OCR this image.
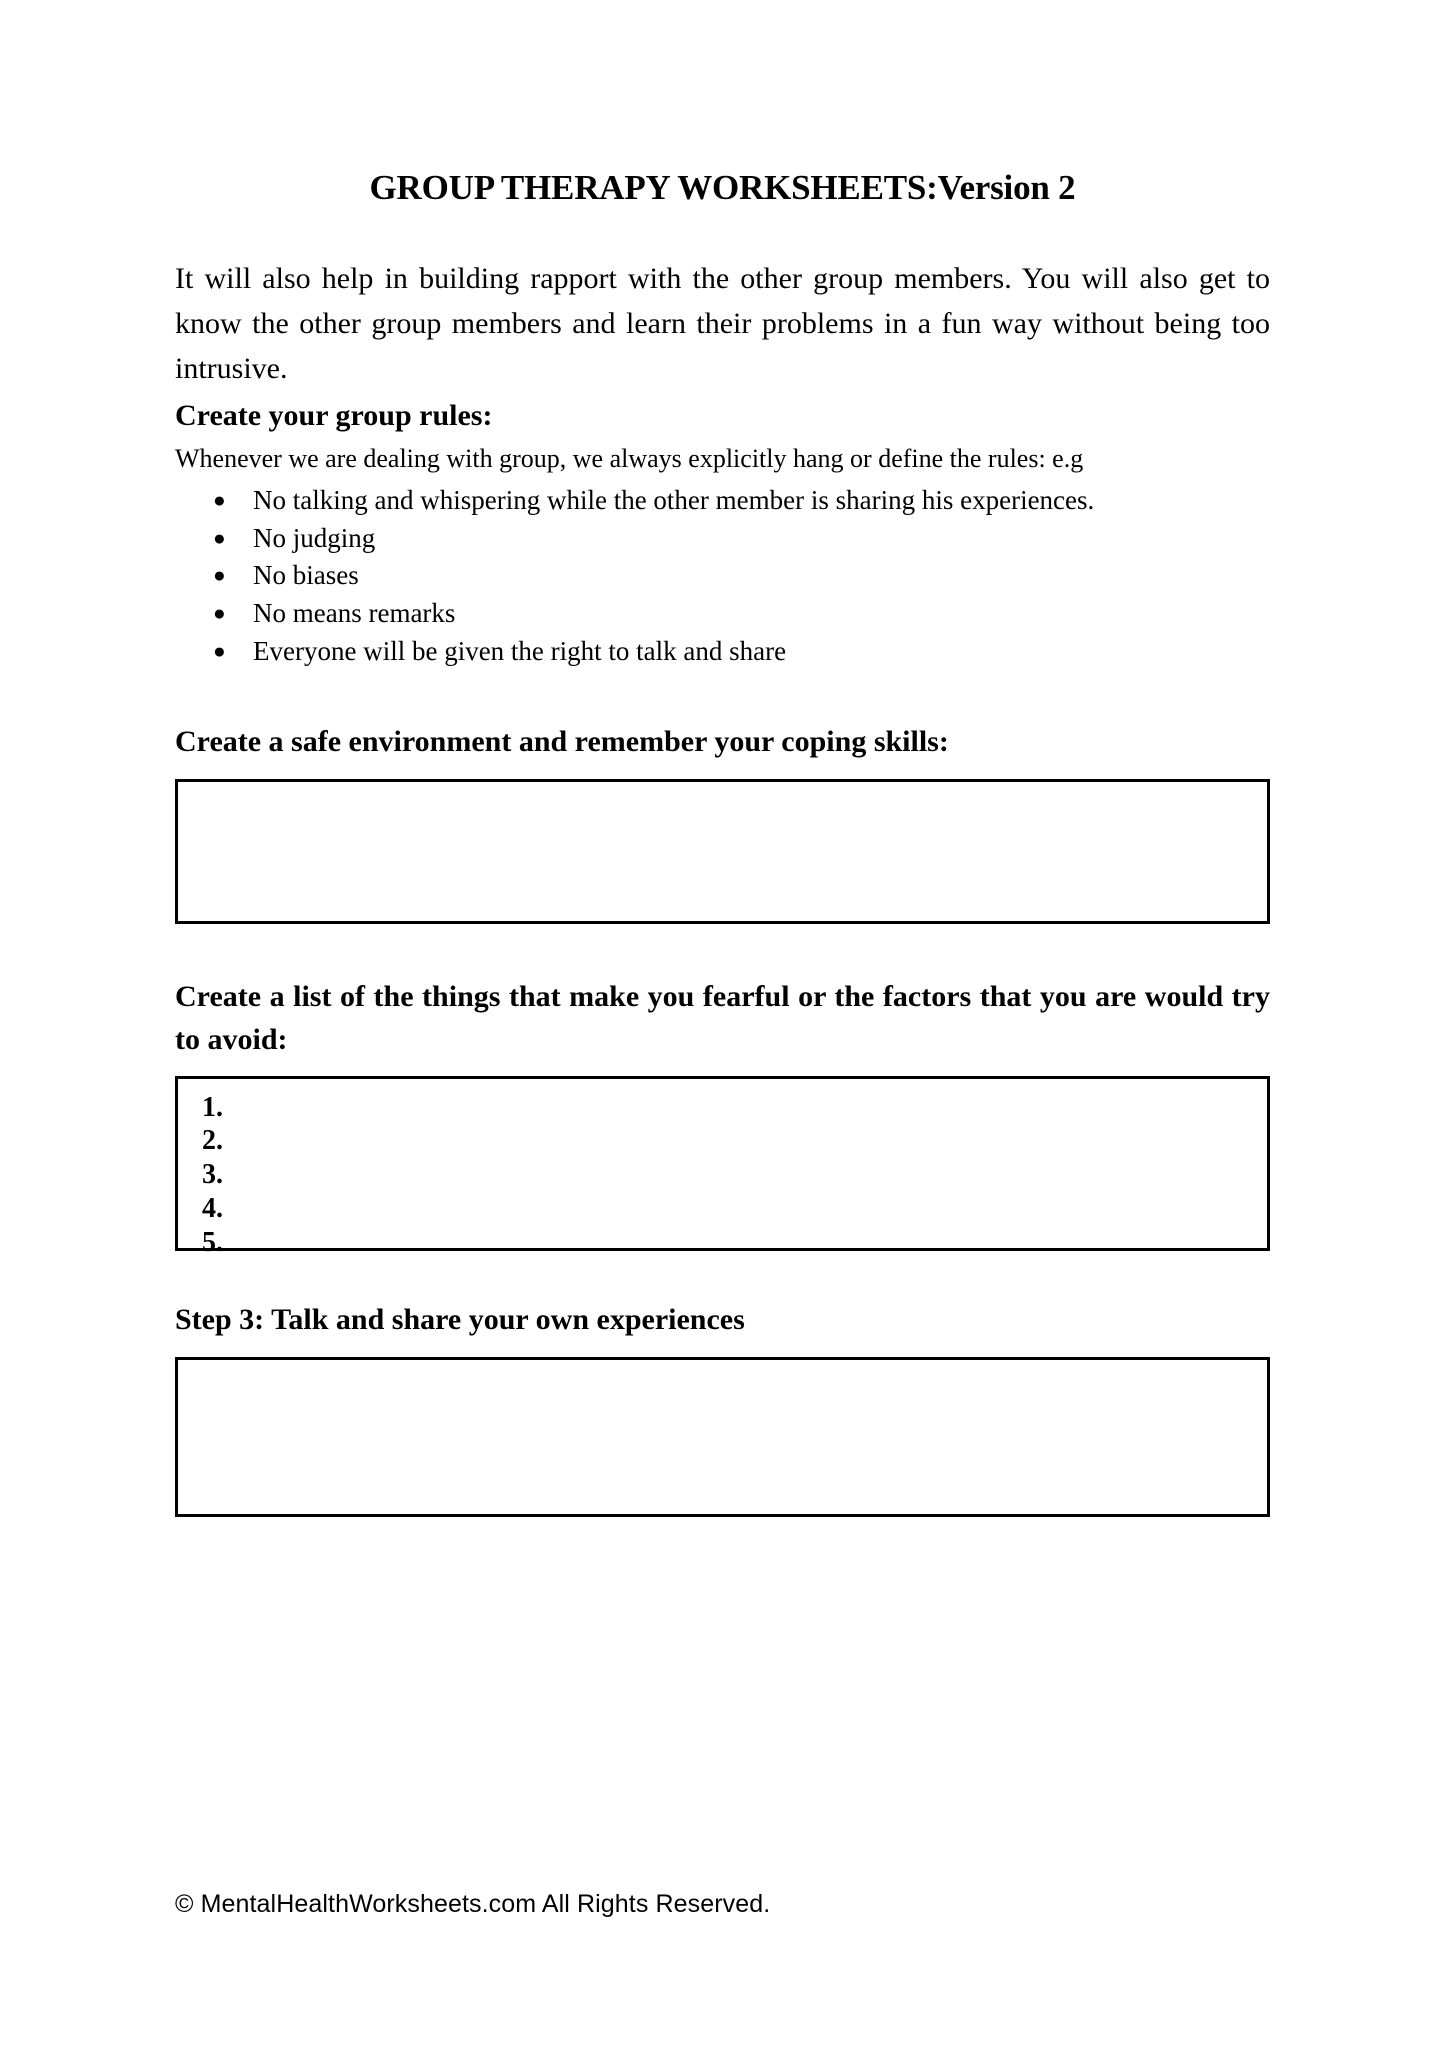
GROUP THERAPY WORKSHEETS:Version 2

It will also help in building rapport with the other group members. You will also get to know the other group members and learn their problems in a fun way without being too intrusive.

Create your group rules:

Whenever we are dealing with group, we always explicitly hang or define the rules: e.g

● No talking and whispering while the other member is sharing his experiences.
● No judging
● No biases
● No means remarks
● Everyone will be given the right to talk and share

Create a safe environment and remember your coping skills:

Create a list of the things that make you fearful or the factors that you are would try to avoid:

1.
2.
3.
4.
5.

Step 3: Talk and share your own experiences

© MentalHealthWorksheets.com All Rights Reserved.
